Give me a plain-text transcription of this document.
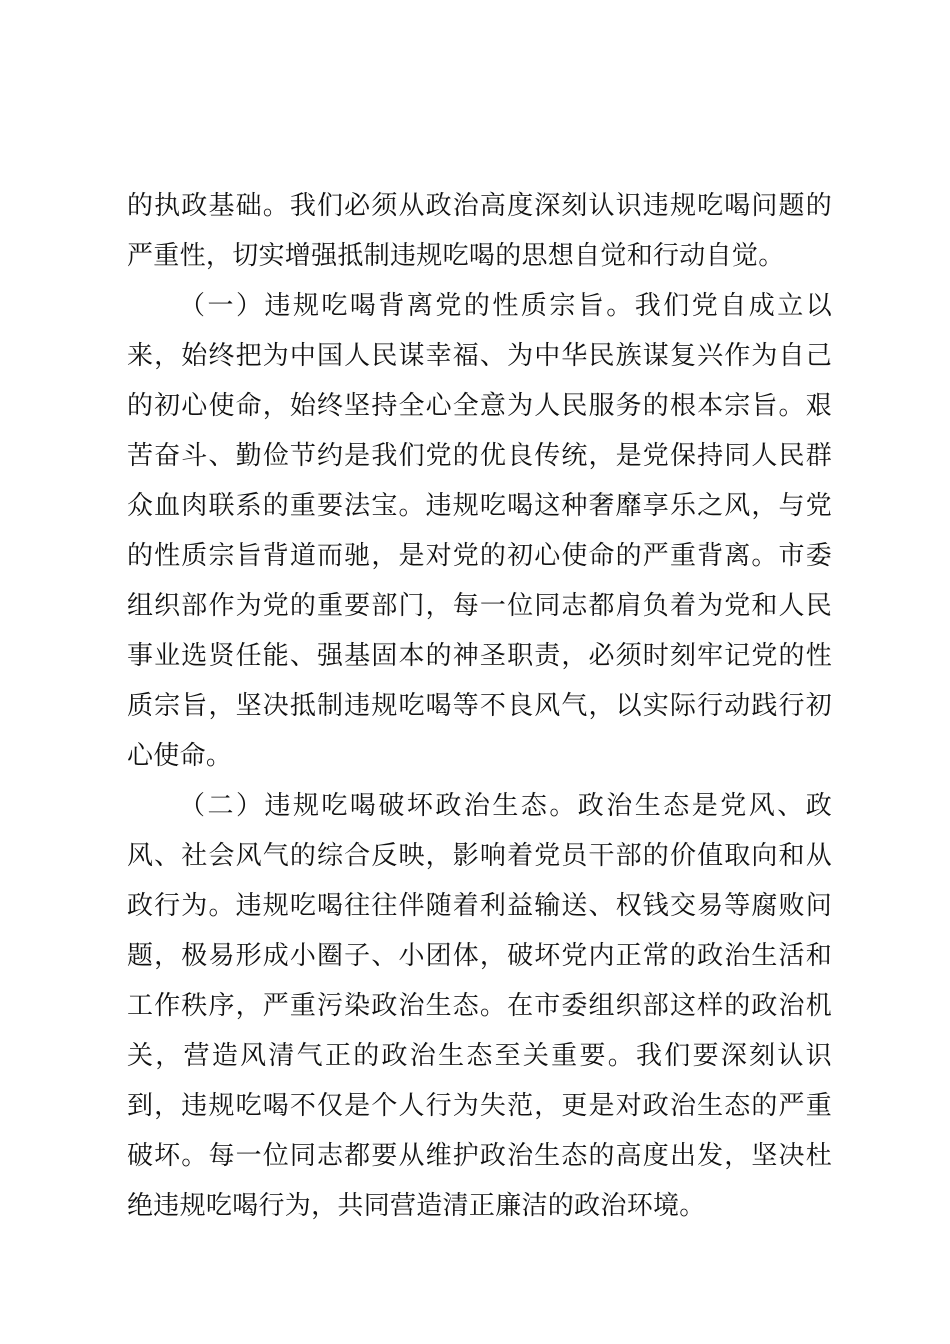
的执政基础。我们必须从政治高度深刻认识违规吃喝问题的严重性，切实增强抵制违规吃喝的思想自觉和行动自觉。

（一）违规吃喝背离党的性质宗旨。我们党自成立以来，始终把为中国人民谋幸福、为中华民族谋复兴作为自己的初心使命，始终坚持全心全意为人民服务的根本宗旨。艰苦奋斗、勤俭节约是我们党的优良传统，是党保持同人民群众血肉联系的重要法宝。违规吃喝这种奢靡享乐之风，与党的性质宗旨背道而驰，是对党的初心使命的严重背离。市委组织部作为党的重要部门，每一位同志都肩负着为党和人民事业选贤任能、强基固本的神圣职责，必须时刻牢记党的性质宗旨，坚决抵制违规吃喝等不良风气，以实际行动践行初心使命。

（二）违规吃喝破坏政治生态。政治生态是党风、政风、社会风气的综合反映，影响着党员干部的价值取向和从政行为。违规吃喝往往伴随着利益输送、权钱交易等腐败问题，极易形成小圈子、小团体，破坏党内正常的政治生活和工作秩序，严重污染政治生态。在市委组织部这样的政治机关，营造风清气正的政治生态至关重要。我们要深刻认识到，违规吃喝不仅是个人行为失范，更是对政治生态的严重破坏。每一位同志都要从维护政治生态的高度出发，坚决杜绝违规吃喝行为，共同营造清正廉洁的政治环境。
